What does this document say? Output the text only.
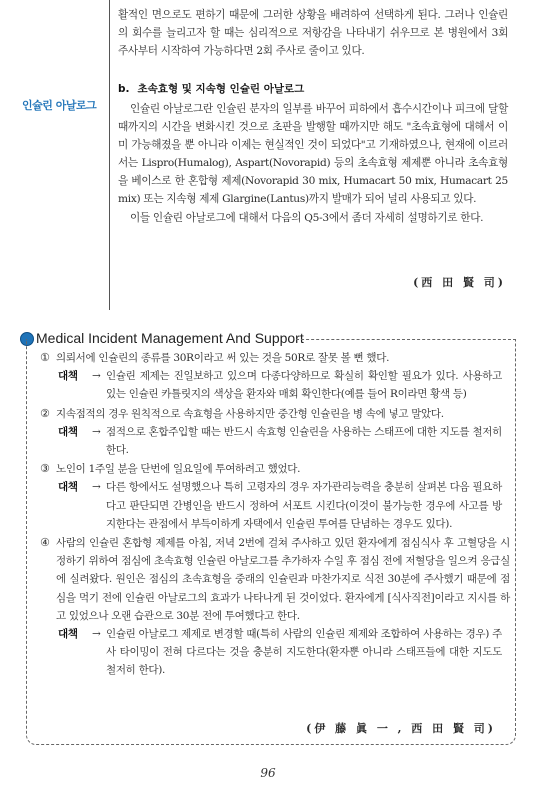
활적인 면으로도 편하기 때문에 그러한 상황을 배려하여 선택하게 된다. 그러나 인슐린의 회수를 늘리고자 할 때는 심리적으로 저항감을 나타내기 쉬우므로 본 병원에서 3회 주사부터 시작하여 가능하다면 2회 주사로 줄이고 있다.

인슐린 아날로그
b. 초속효형 및 지속형 인슐린 아날로그

인슐린 아날로그란 인슐린 분자의 일부를 바꾸어 피하에서 흡수시간이나 피크에 달할 때까지의 시간을 변화시킨 것으로 초판을 발행할 때까지만 해도 "초속효형에 대해서 이미 가능해졌을 뿐 아니라 이제는 현실적인 것이 되었다"고 기재하였으나, 현재에 이르러서는 Lispro(Humalog), Aspart(Novorapid) 등의 초속효형 제제뿐 아니라 초속효형을 베이스로 한 혼합형 제제(Novorapid 30 mix, Humacart 50 mix, Humacart 25 mix) 또는 지속형 제제 Glargine(Lantus)까지 발매가 되어 널리 사용되고 있다.

이들 인슐린 아날로그에 대해서 다음의 Q5-3에서 좀더 자세히 설명하기로 한다.

(西 田 賢 司)
Medical Incident Management And Support
① 의뢰서에 인슐린의 종류를 30R이라고 써 있는 것을 50R로 잘못 볼 뻔 했다.
대책	→ 인슐린 제제는 진일보하고 있으며 다종다양하므로 확실히 확인할 필요가 있다. 사용하고 있는 인슐린 카틀릿지의 색상을 환자와 매회 확인한다(예를 들어 R이라면 황색 등)
② 지속점적의 경우 원칙적으로 속효형을 사용하지만 중간형 인슐린을 병 속에 넣고 말았다.
대책	→ 점적으로 혼합주입할 때는 반드시 속효형 인슐린을 사용하는 스태프에 대한 지도를 철저히 한다.
③ 노인이 1주일 분을 단번에 일요일에 투여하려고 했었다.
대책	→ 다른 항에서도 설명했으나 특히 고령자의 경우 자가관리능력을 충분히 살펴본 다음 필요하다고 판단되면 간병인을 반드시 정하여 서포트 시킨다(이것이 불가능한 경우에 사고를 방지한다는 관점에서 부득이하게 자택에서 인슐린 투여를 단념하는 경우도 있다).
④ 사람의 인슐린 혼합형 제제를 아침, 저녁 2번에 걸쳐 주사하고 있던 환자에게 점심식사 후 고혈당을 시정하기 위하여 점심에 초속효형 인슐린 아날로그를 추가하자 수일 후 점심 전에 저혈당을 일으켜 응급실에 실려왔다. 원인은 점심의 초속효형을 중래의 인슐린과 마찬가지로 식전 30분에 주사했기 때문에 점심을 먹기 전에 인슐린 아날로그의 효과가 나타나게 된 것이었다. 환자에게 [식사직전]이라고 지시를 하고 있었으나 오랜 습관으로 30분 전에 투여했다고 한다.
대책	→ 인슐린 아날로그 제제로 변경할 때(특히 사람의 인슐린 제제와 조합하여 사용하는 경우) 주사 타이밍이 전혀 다르다는 것을 충분히 지도한다(환자뿐 아니라 스태프들에 대한 지도도 철저히 한다).
(伊 藤 眞 一 , 西 田 賢 司)
96
